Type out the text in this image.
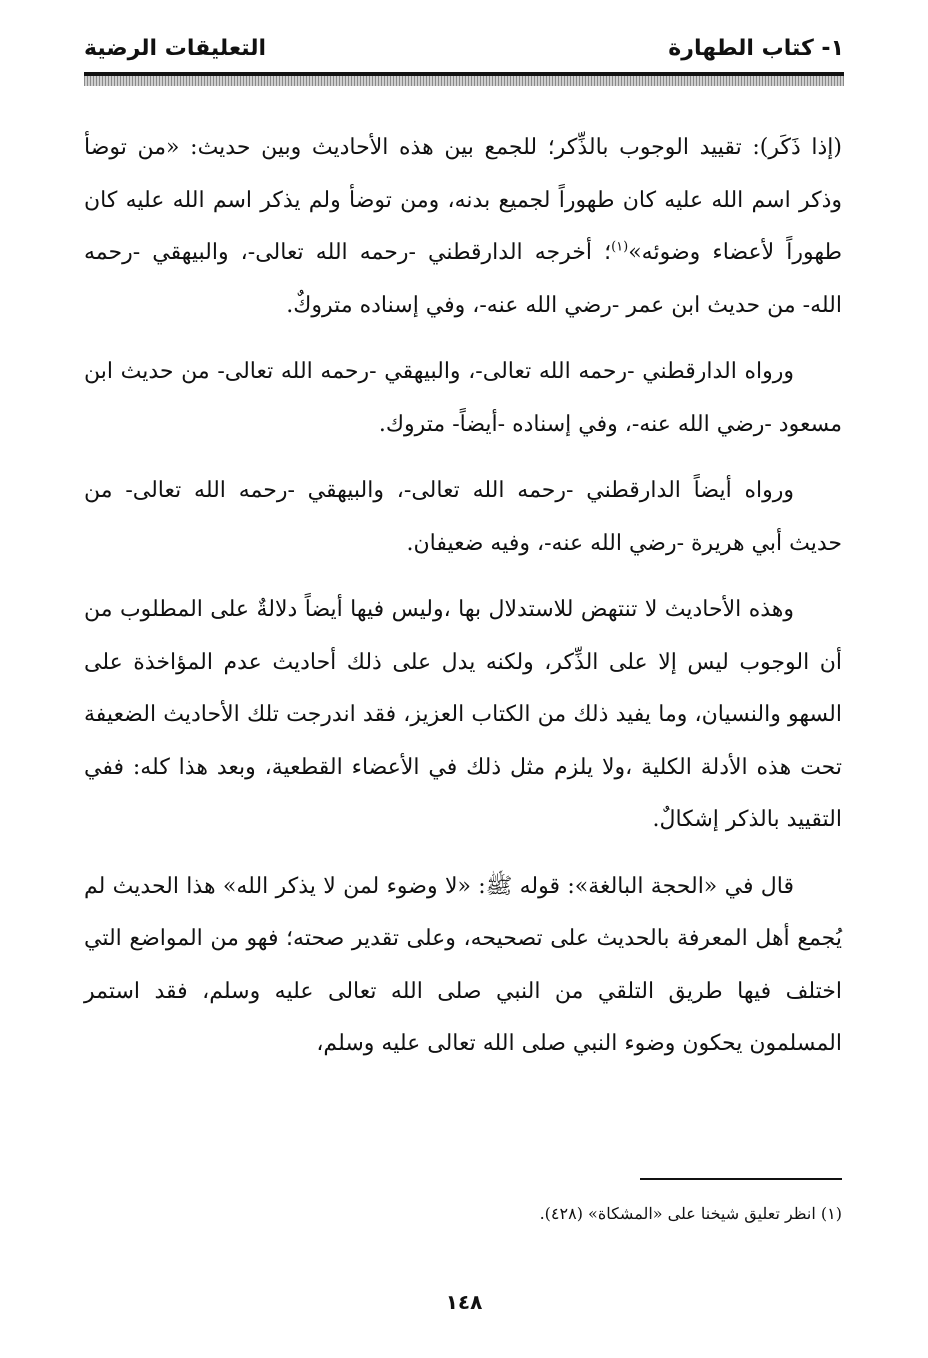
١- كتاب الطهارة
التعليقات الرضية

(إذا ذَكَر): تقييد الوجوب بالذِّكر؛ للجمع بين هذه الأحاديث وبين حديث: «من توضأ وذكر اسم الله عليه كان طهوراً لجميع بدنه، ومن توضأ ولم يذكر اسم الله عليه كان طهوراً لأعضاء وضوئه»$^{(١)}$؛ أخرجه الدارقطني -رحمه الله تعالى-، والبيهقي -رحمه الله- من حديث ابن عمر -رضي الله عنه-، وفي إسناده متروكٌ.

ورواه الدارقطني -رحمه الله تعالى-، والبيهقي -رحمه الله تعالى- من حديث ابن مسعود -رضي الله عنه-، وفي إسناده -أيضاً- متروك.

ورواه أيضاً الدارقطني -رحمه الله تعالى-، والبيهقي -رحمه الله تعالى- من حديث أبي هريرة -رضي الله عنه-، وفيه ضعيفان.

وهذه الأحاديث لا تنتهض للاستدلال بها ،وليس فيها أيضاً دلالةٌ على المطلوب من أن الوجوب ليس إلا على الذِّكر، ولكنه يدل على ذلك أحاديث عدم المؤاخذة على السهو والنسيان، وما يفيد ذلك من الكتاب العزيز، فقد اندرجت تلك الأحاديث الضعيفة تحت هذه الأدلة الكلية ،ولا يلزم مثل ذلك في الأعضاء القطعية، وبعد هذا كله: ففي التقييد بالذكر إشكالٌ.

قال في «الحجة البالغة»: قوله ﷺ: «لا وضوء لمن لا يذكر الله» هذا الحديث لم يُجمع أهل المعرفة بالحديث على تصحيحه، وعلى تقدير صحته؛ فهو من المواضع التي اختلف فيها طريق التلقي من النبي صلى الله تعالى عليه وسلم، فقد استمر المسلمون يحكون وضوء النبي صلى الله تعالى عليه وسلم،

(١) انظر تعليق شيخنا على «المشكاة» (٤٢٨).
١٤٨
